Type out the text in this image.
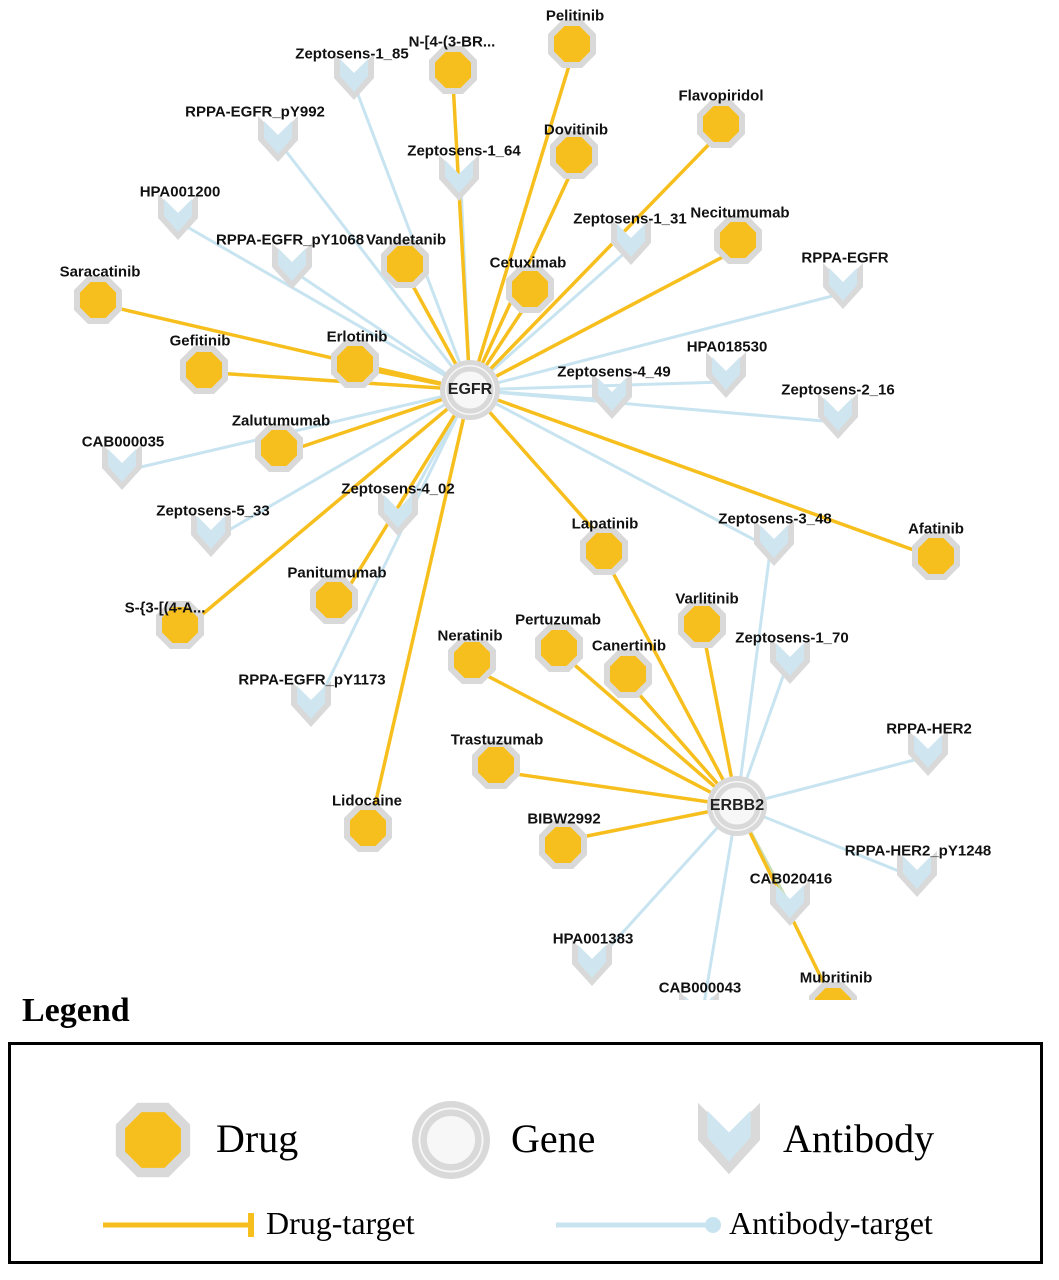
EGFR
ERBB2
Pelitinib
N-[4-(3-BR...
Flavopiridol
Dovitinib
Necitumumab
Vandetanib
Cetuximab
Saracatinib
Erlotinib
Gefitinib
Zalutumumab
Afatinib
Lapatinib
Varlitinib
Panitumumab
S-{3-[(4-A...
Pertuzumab
Neratinib
Canertinib
Trastuzumab
Lidocaine
BIBW2992
Mubritinib
Zeptosens-1_85
RPPA-EGFR_pY992
Zeptosens-1_64
HPA001200
Zeptosens-1_31
RPPA-EGFR_pY1068
RPPA-EGFR
HPA018530
Zeptosens-4_49
Zeptosens-2_16
CAB000035
Zeptosens-4_02
Zeptosens-5_33	Zeptosens-3_48
Zeptosens-1_70
RPPA-EGFR_pY1173
RPPA-HER2
RPPA-HER2_pY1248
CAB020416
HPA001383
CAB000043
Legend
Drug	Gene	Antibody
Drug-target	Antibody-target
